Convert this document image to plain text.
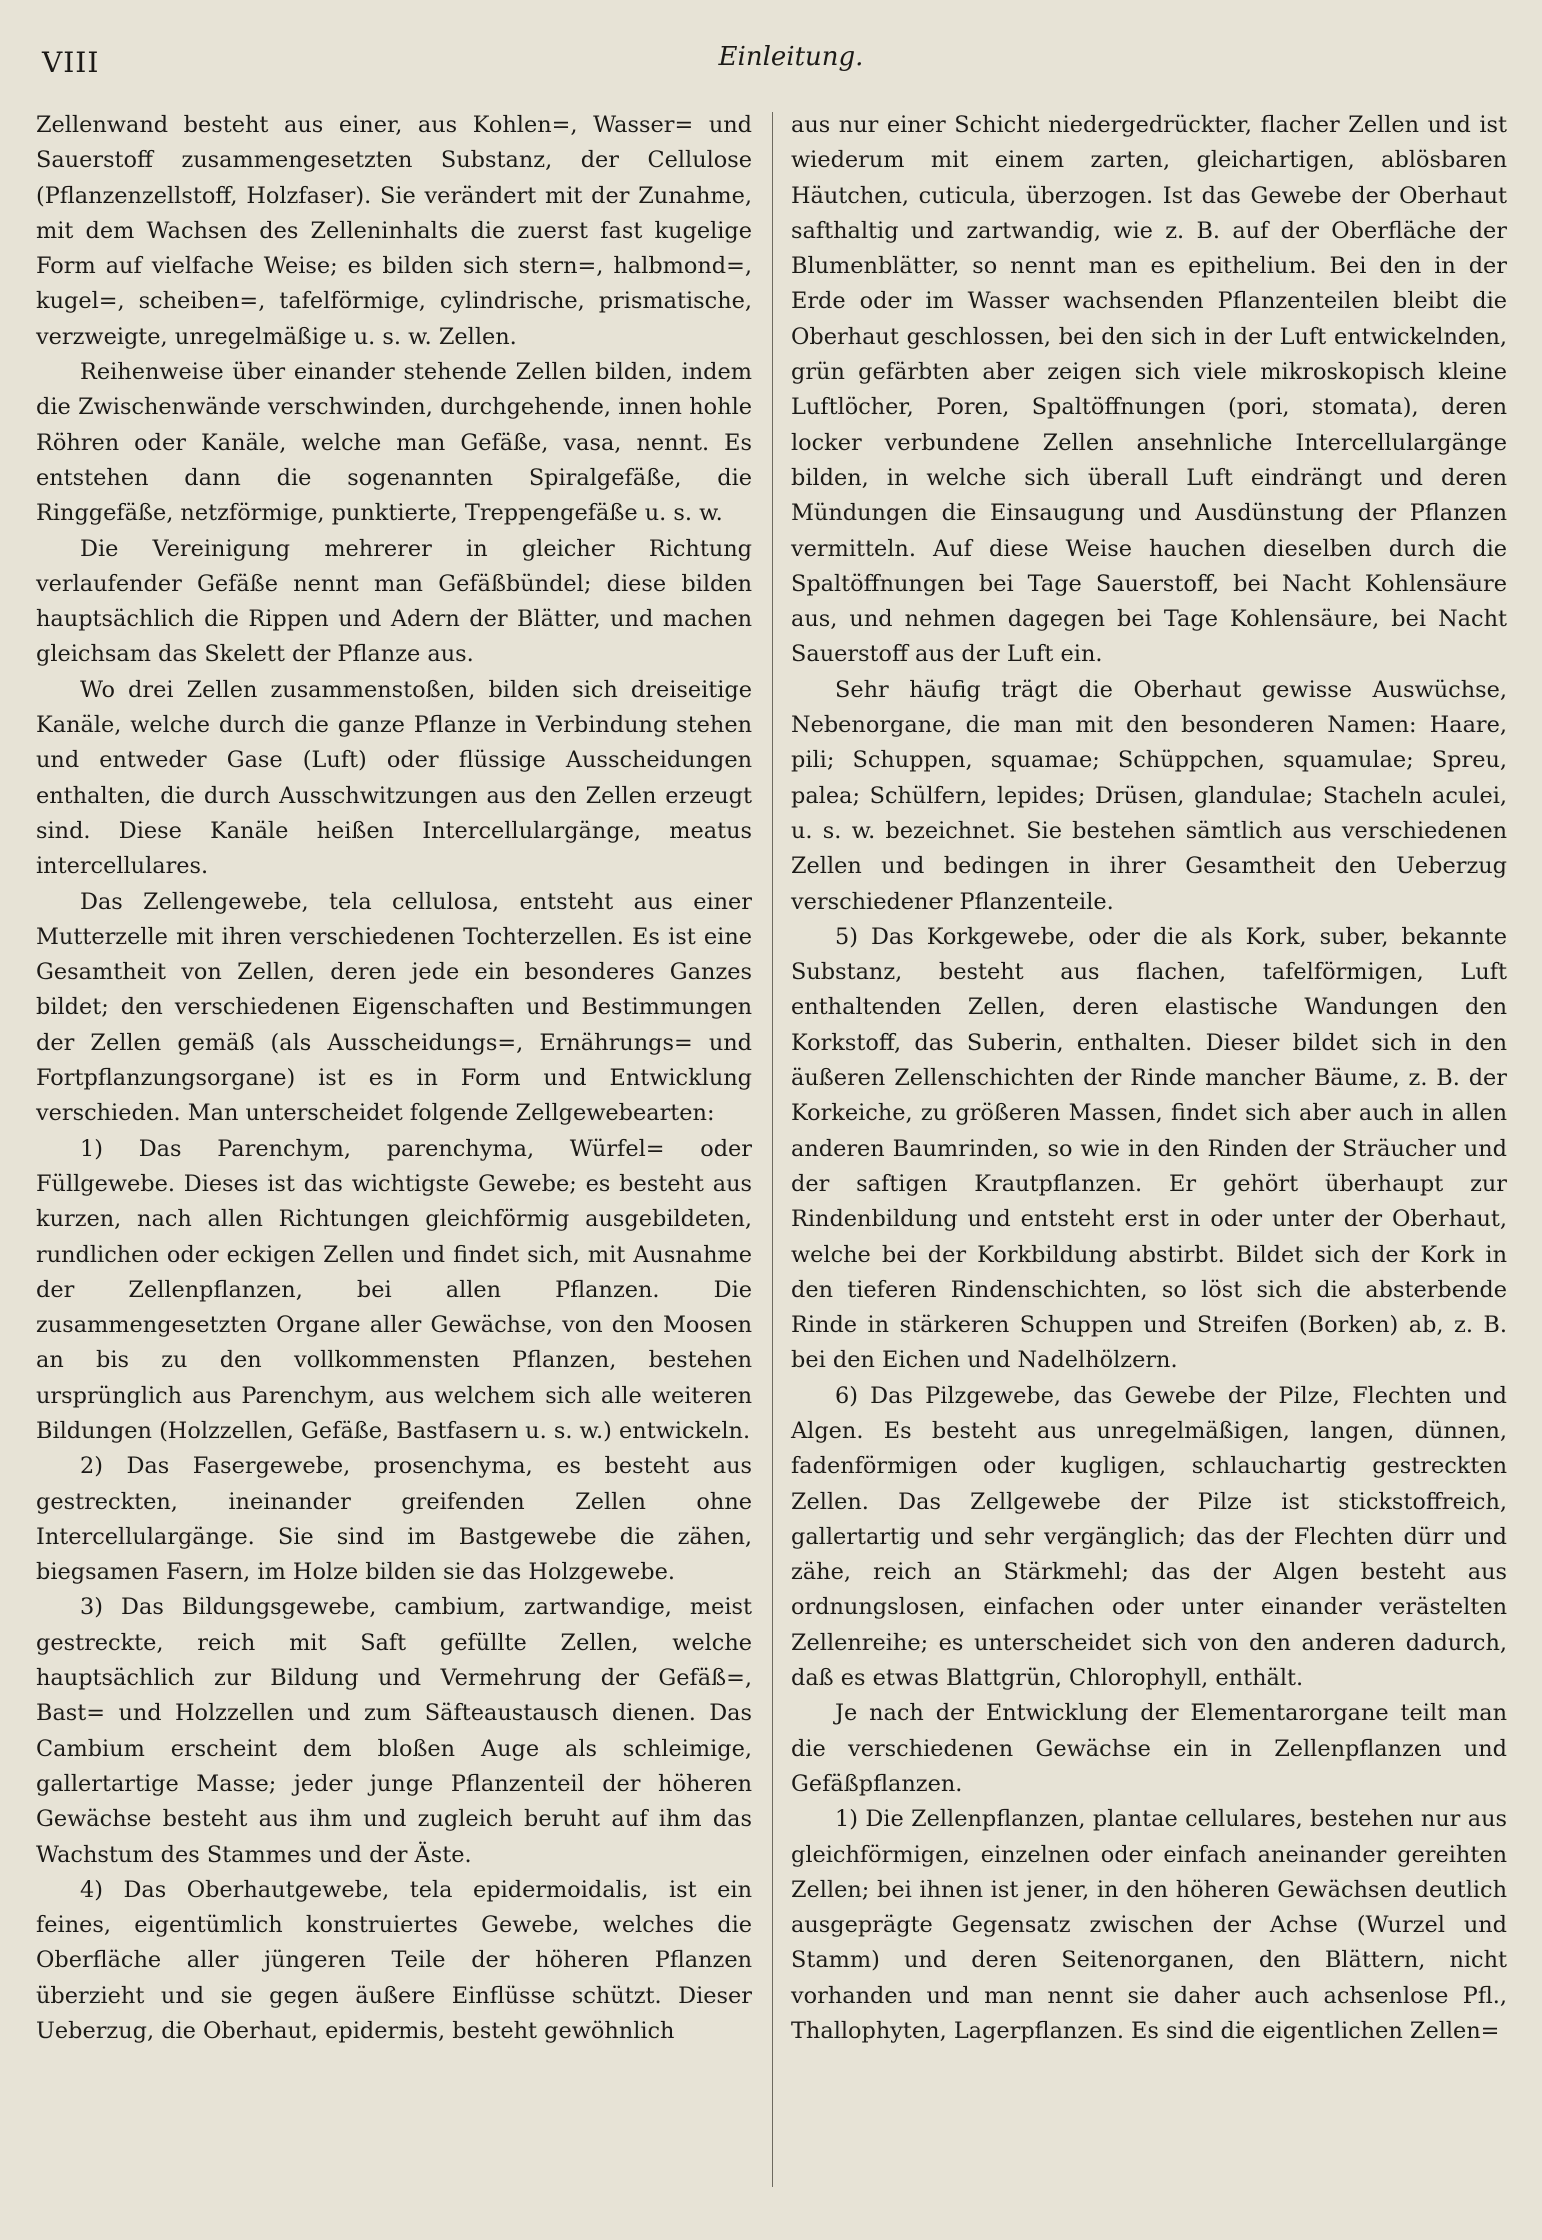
VIII	Einleitung.

Zellenwand besteht aus einer, aus Kohlen=, Wasser= und Sauerstoff zusammengesetzten Substanz, der Cellulose (Pflanzenzellstoff, Holzfaser). Sie verändert mit der Zunahme, mit dem Wachsen des Zelleninhalts die zuerst fast kugelige Form auf vielfache Weise; es bilden sich stern=, halbmond=, kugel=, scheiben=, tafelförmige, cylindrische, prismatische, verzweigte, unregelmäßige u. s. w. Zellen.

Reihenweise über einander stehende Zellen bilden, indem die Zwischenwände verschwinden, durchgehende, innen hohle Röhren oder Kanäle, welche man Gefäße, vasa, nennt. Es entstehen dann die sogenannten Spiralgefäße, die Ringgefäße, netzförmige, punktierte, Treppengefäße u. s. w.

Die Vereinigung mehrerer in gleicher Richtung verlaufender Gefäße nennt man Gefäßbündel; diese bilden hauptsächlich die Rippen und Adern der Blätter, und machen gleichsam das Skelett der Pflanze aus.

Wo drei Zellen zusammenstoßen, bilden sich dreiseitige Kanäle, welche durch die ganze Pflanze in Verbindung stehen und entweder Gase (Luft) oder flüssige Ausscheidungen enthalten, die durch Ausschwitzungen aus den Zellen erzeugt sind. Diese Kanäle heißen Intercellulargänge, meatus intercellulares.

Das Zellengewebe, tela cellulosa, entsteht aus einer Mutterzelle mit ihren verschiedenen Tochterzellen. Es ist eine Gesamtheit von Zellen, deren jede ein besonderes Ganzes bildet; den verschiedenen Eigenschaften und Bestimmungen der Zellen gemäß (als Ausscheidungs=, Ernährungs= und Fortpflanzungsorgane) ist es in Form und Entwicklung verschieden. Man unterscheidet folgende Zellgewebearten:

1) Das Parenchym, parenchyma, Würfel= oder Füllgewebe. Dieses ist das wichtigste Gewebe; es besteht aus kurzen, nach allen Richtungen gleichförmig ausgebildeten, rundlichen oder eckigen Zellen und findet sich, mit Ausnahme der Zellenpflanzen, bei allen Pflanzen. Die zusammengesetzten Organe aller Gewächse, von den Moosen an bis zu den vollkommensten Pflanzen, bestehen ursprünglich aus Parenchym, aus welchem sich alle weiteren Bildungen (Holzzellen, Gefäße, Bastfasern u. s. w.) entwickeln.

2) Das Fasergewebe, prosenchyma, es besteht aus gestreckten, ineinander greifenden Zellen ohne Intercellulargänge. Sie sind im Bastgewebe die zähen, biegsamen Fasern, im Holze bilden sie das Holzgewebe.

3) Das Bildungsgewebe, cambium, zartwandige, meist gestreckte, reich mit Saft gefüllte Zellen, welche hauptsächlich zur Bildung und Vermehrung der Gefäß=, Bast= und Holzzellen und zum Säfteaustausch dienen. Das Cambium erscheint dem bloßen Auge als schleimige, gallertartige Masse; jeder junge Pflanzenteil der höheren Gewächse besteht aus ihm und zugleich beruht auf ihm das Wachstum des Stammes und der Äste.

4) Das Oberhautgewebe, tela epidermoidalis, ist ein feines, eigentümlich konstruiertes Gewebe, welches die Oberfläche aller jüngeren Teile der höheren Pflanzen überzieht und sie gegen äußere Einflüsse schützt. Dieser Ueberzug, die Oberhaut, epidermis, besteht gewöhnlich

aus nur einer Schicht niedergedrückter, flacher Zellen und ist wiederum mit einem zarten, gleichartigen, ablösbaren Häutchen, cuticula, überzogen. Ist das Gewebe der Oberhaut safthaltig und zartwandig, wie z. B. auf der Oberfläche der Blumenblätter, so nennt man es epithelium. Bei den in der Erde oder im Wasser wachsenden Pflanzenteilen bleibt die Oberhaut geschlossen, bei den sich in der Luft entwickelnden, grün gefärbten aber zeigen sich viele mikroskopisch kleine Luftlöcher, Poren, Spaltöffnungen (pori, stomata), deren locker verbundene Zellen ansehnliche Intercellulargänge bilden, in welche sich überall Luft eindrängt und deren Mündungen die Einsaugung und Ausdünstung der Pflanzen vermitteln. Auf diese Weise hauchen dieselben durch die Spaltöffnungen bei Tage Sauerstoff, bei Nacht Kohlensäure aus, und nehmen dagegen bei Tage Kohlensäure, bei Nacht Sauerstoff aus der Luft ein.

Sehr häufig trägt die Oberhaut gewisse Auswüchse, Nebenorgane, die man mit den besonderen Namen: Haare, pili; Schuppen, squamae; Schüppchen, squamulae; Spreu, palea; Schülfern, lepides; Drüsen, glandulae; Stacheln aculei, u. s. w. bezeichnet. Sie bestehen sämtlich aus verschiedenen Zellen und bedingen in ihrer Gesamtheit den Ueberzug verschiedener Pflanzenteile.

5) Das Korkgewebe, oder die als Kork, suber, bekannte Substanz, besteht aus flachen, tafelförmigen, Luft enthaltenden Zellen, deren elastische Wandungen den Korkstoff, das Suberin, enthalten. Dieser bildet sich in den äußeren Zellenschichten der Rinde mancher Bäume, z. B. der Korkeiche, zu größeren Massen, findet sich aber auch in allen anderen Baumrinden, so wie in den Rinden der Sträucher und der saftigen Krautpflanzen. Er gehört überhaupt zur Rindenbildung und entsteht erst in oder unter der Oberhaut, welche bei der Korkbildung abstirbt. Bildet sich der Kork in den tieferen Rindenschichten, so löst sich die absterbende Rinde in stärkeren Schuppen und Streifen (Borken) ab, z. B. bei den Eichen und Nadelhölzern.

6) Das Pilzgewebe, das Gewebe der Pilze, Flechten und Algen. Es besteht aus unregelmäßigen, langen, dünnen, fadenförmigen oder kugligen, schlauchartig gestreckten Zellen. Das Zellgewebe der Pilze ist stickstoffreich, gallertartig und sehr vergänglich; das der Flechten dürr und zähe, reich an Stärkmehl; das der Algen besteht aus ordnungslosen, einfachen oder unter einander verästelten Zellenreihe; es unterscheidet sich von den anderen dadurch, daß es etwas Blattgrün, Chlorophyll, enthält.

Je nach der Entwicklung der Elementarorgane teilt man die verschiedenen Gewächse ein in Zellenpflanzen und Gefäßpflanzen.

1) Die Zellenpflanzen, plantae cellulares, bestehen nur aus gleichförmigen, einzelnen oder einfach aneinander gereihten Zellen; bei ihnen ist jener, in den höheren Gewächsen deutlich ausgeprägte Gegensatz zwischen der Achse (Wurzel und Stamm) und deren Seitenorganen, den Blättern, nicht vorhanden und man nennt sie daher auch achsenlose Pfl., Thallophyten, Lagerpflanzen. Es sind die eigentlichen Zellen=
